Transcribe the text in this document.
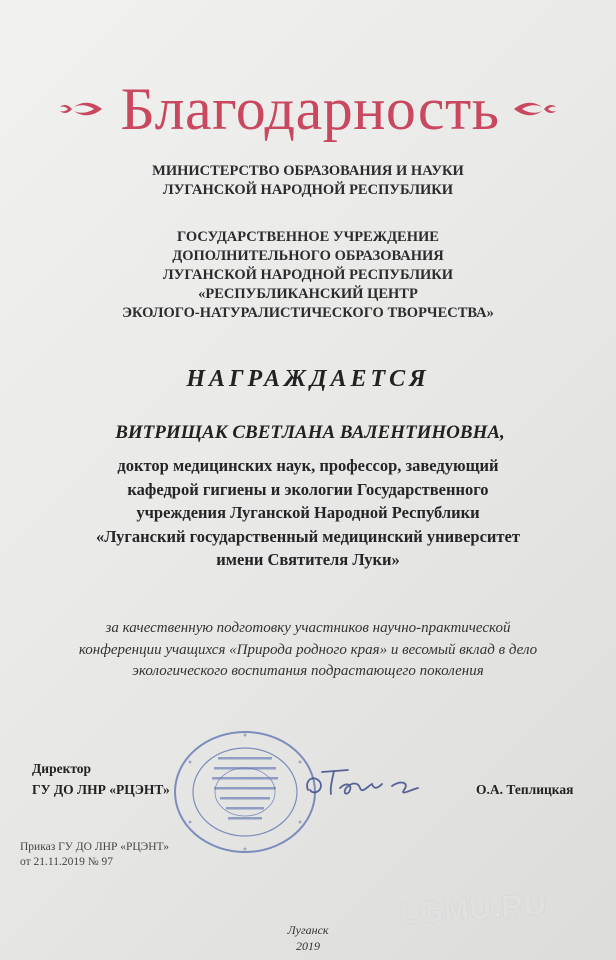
Благодарность
МИНИСТЕРСТВО ОБРАЗОВАНИЯ И НАУКИ
ЛУГАНСКОЙ НАРОДНОЙ РЕСПУБЛИКИ
ГОСУДАРСТВЕННОЕ УЧРЕЖДЕНИЕ
ДОПОЛНИТЕЛЬНОГО ОБРАЗОВАНИЯ
ЛУГАНСКОЙ НАРОДНОЙ РЕСПУБЛИКИ
«РЕСПУБЛИКАНСКИЙ ЦЕНТР
ЭКОЛОГО-НАТУРАЛИСТИЧЕСКОГО ТВОРЧЕСТВА»
НАГРАЖДАЕТСЯ
ВИТРИЩАК СВЕТЛАНА ВАЛЕНТИНОВНА,
доктор медицинских наук, профессор, заведующий
кафедрой гигиены и экологии Государственного
учреждения Луганской Народной Республики
«Луганский государственный медицинский университет
имени Святителя Луки»
за качественную подготовку участников научно-практической
конференции учащихся «Природа родного края» и весомый вклад в дело
экологического воспитания подрастающего поколения
Директор
ГУ ДО ЛНР «РЦЭНТ»	О.А. Теплицкая
Приказ ГУ ДО ЛНР «РЦЭНТ»
от 21.11.2019 № 97
LGMU.RU
Луганск
2019
